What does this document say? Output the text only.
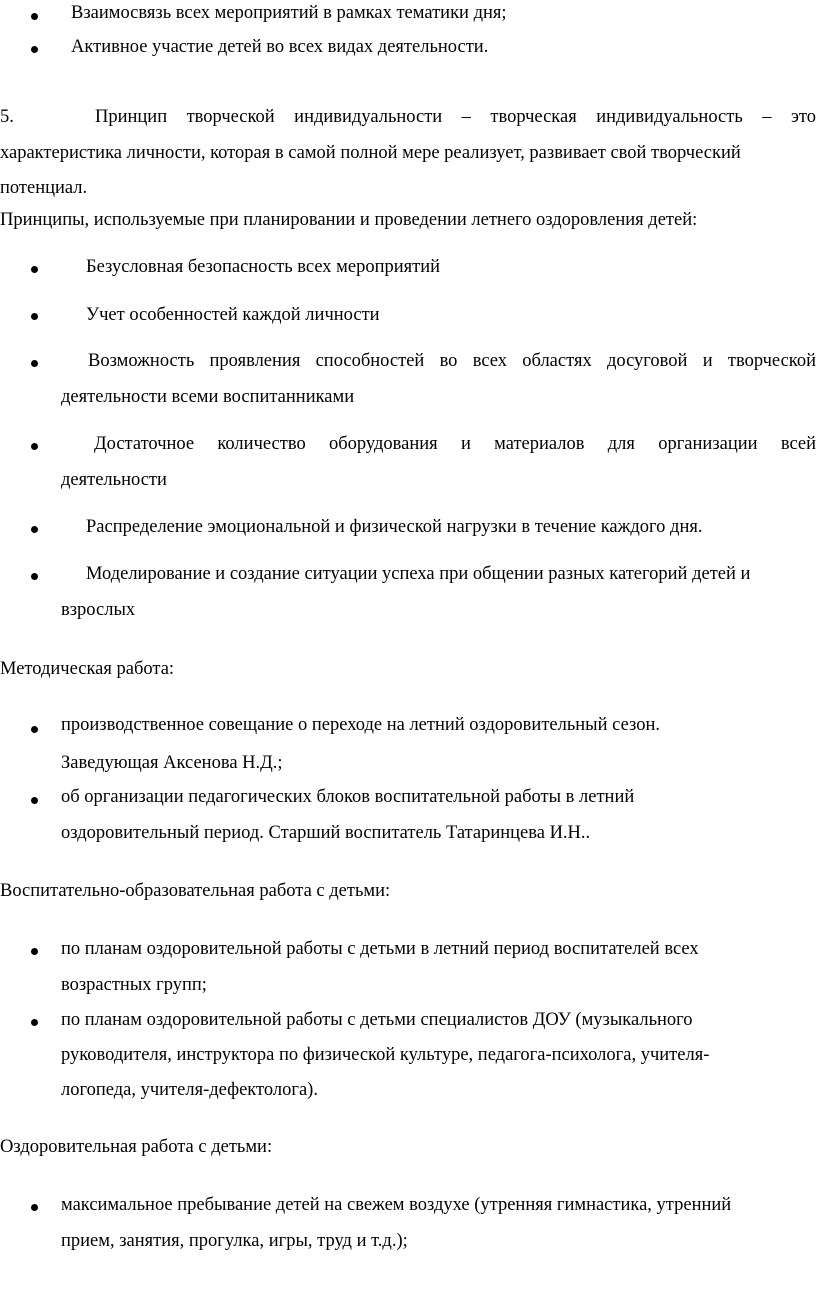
Взаимосвязь всех мероприятий в рамках тематики дня;
Активное участие детей во всех видах деятельности.
5.	Принцип творческой индивидуальности – творческая индивидуальность – это
характеристика личности, которая в самой полной мере реализует, развивает свой творческий
потенциал.
Принципы, используемые при планировании и проведении летнего оздоровления детей:
Безусловная безопасность всех мероприятий
Учет особенностей каждой личности
Возможность проявления способностей во всех областях досуговой и творческой
деятельности всеми воспитанниками
Достаточное количество оборудования и материалов для организации всей
деятельности
Распределение эмоциональной и физической нагрузки в течение каждого дня.
Моделирование и создание ситуации успеха при общении разных категорий детей и
взрослых
Методическая работа:
производственное совещание о переходе на летний оздоровительный сезон.
Заведующая Аксенова Н.Д.;
об организации педагогических блоков воспитательной работы в летний
оздоровительный период. Старший воспитатель Татаринцева И.Н..
Воспитательно-образовательная работа с детьми:
по планам оздоровительной работы с детьми в летний период воспитателей всех
возрастных групп;
по планам оздоровительной работы с детьми специалистов ДОУ (музыкального
руководителя, инструктора по физической культуре, педагога-психолога, учителя-
логопеда, учителя-дефектолога).
Оздоровительная работа с детьми:
максимальное пребывание детей на свежем воздухе (утренняя гимнастика, утренний
прием, занятия, прогулка, игры, труд и т.д.);
